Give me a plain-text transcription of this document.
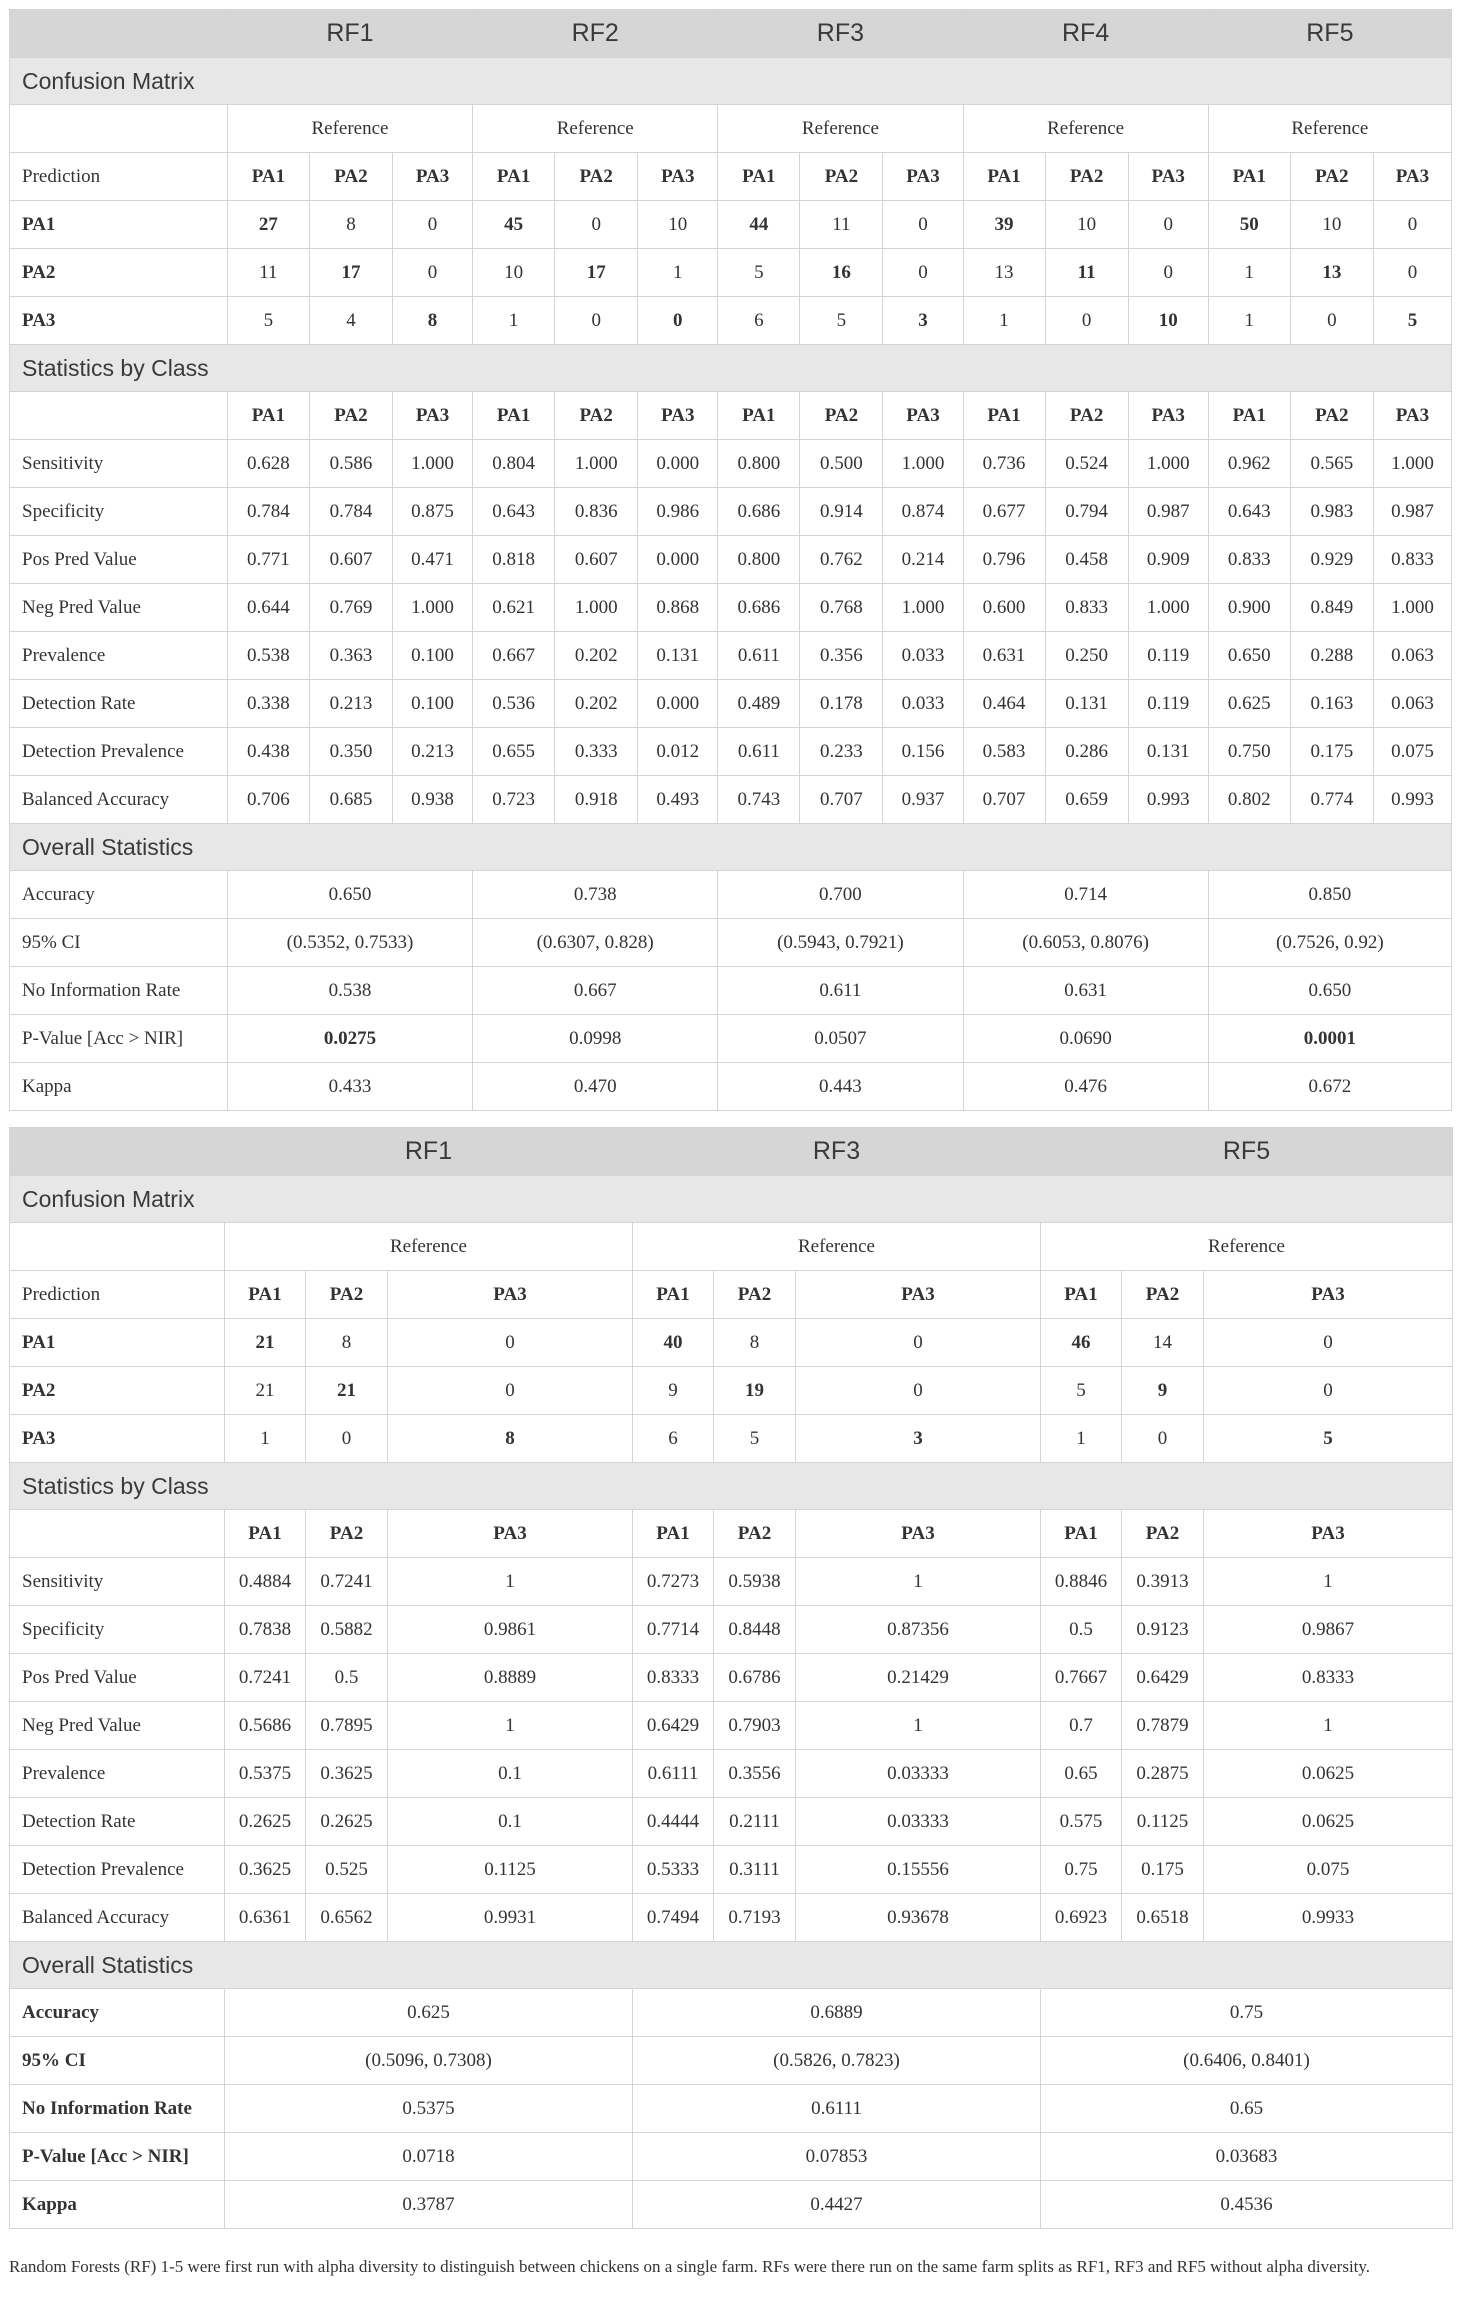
	RF1			RF2			RF3			RF4			RF5		
Confusion Matrix															
	Reference			Reference			Reference			Reference			Reference		
Prediction	PA1	PA2	PA3	PA1	PA2	PA3	PA1	PA2	PA3	PA1	PA2	PA3	PA1	PA2	PA3
PA1	27	8	0	45	0	10	44	11	0	39	10	0	50	10	0
PA2	11	17	0	10	17	1	5	16	0	13	11	0	1	13	0
PA3	5	4	8	1	0	0	6	5	3	1	0	10	1	0	5
Statistics by Class															
	PA1	PA2	PA3	PA1	PA2	PA3	PA1	PA2	PA3	PA1	PA2	PA3	PA1	PA2	PA3
Sensitivity	0.628	0.586	1.000	0.804	1.000	0.000	0.800	0.500	1.000	0.736	0.524	1.000	0.962	0.565	1.000
Specificity	0.784	0.784	0.875	0.643	0.836	0.986	0.686	0.914	0.874	0.677	0.794	0.987	0.643	0.983	0.987
Pos Pred Value	0.771	0.607	0.471	0.818	0.607	0.000	0.800	0.762	0.214	0.796	0.458	0.909	0.833	0.929	0.833
Neg Pred Value	0.644	0.769	1.000	0.621	1.000	0.868	0.686	0.768	1.000	0.600	0.833	1.000	0.900	0.849	1.000
Prevalence	0.538	0.363	0.100	0.667	0.202	0.131	0.611	0.356	0.033	0.631	0.250	0.119	0.650	0.288	0.063
Detection Rate	0.338	0.213	0.100	0.536	0.202	0.000	0.489	0.178	0.033	0.464	0.131	0.119	0.625	0.163	0.063
Detection Prevalence	0.438	0.350	0.213	0.655	0.333	0.012	0.611	0.233	0.156	0.583	0.286	0.131	0.750	0.175	0.075
Balanced Accuracy	0.706	0.685	0.938	0.723	0.918	0.493	0.743	0.707	0.937	0.707	0.659	0.993	0.802	0.774	0.993
Overall Statistics															
Accuracy	0.650			0.738			0.700			0.714			0.850		
95% CI	(0.5352, 0.7533)			(0.6307, 0.828)			(0.5943, 0.7921)			(0.6053, 0.8076)			(0.7526, 0.92)		
No Information Rate	0.538			0.667			0.611			0.631			0.650		
P-Value [Acc > NIR]	0.0275			0.0998			0.0507			0.0690			0.0001		
Kappa	0.433			0.470			0.443			0.476			0.672		
	RF1			RF3			RF5		
Confusion Matrix									
	Reference			Reference			Reference		
Prediction	PA1	PA2	PA3	PA1	PA2	PA3	PA1	PA2	PA3
PA1	21	8	0	40	8	0	46	14	0
PA2	21	21	0	9	19	0	5	9	0
PA3	1	0	8	6	5	3	1	0	5
Statistics by Class									
	PA1	PA2	PA3	PA1	PA2	PA3	PA1	PA2	PA3
Sensitivity	0.4884	0.7241	1	0.7273	0.5938	1	0.8846	0.3913	1
Specificity	0.7838	0.5882	0.9861	0.7714	0.8448	0.87356	0.5	0.9123	0.9867
Pos Pred Value	0.7241	0.5	0.8889	0.8333	0.6786	0.21429	0.7667	0.6429	0.8333
Neg Pred Value	0.5686	0.7895	1	0.6429	0.7903	1	0.7	0.7879	1
Prevalence	0.5375	0.3625	0.1	0.6111	0.3556	0.03333	0.65	0.2875	0.0625
Detection Rate	0.2625	0.2625	0.1	0.4444	0.2111	0.03333	0.575	0.1125	0.0625
Detection Prevalence	0.3625	0.525	0.1125	0.5333	0.3111	0.15556	0.75	0.175	0.075
Balanced Accuracy	0.6361	0.6562	0.9931	0.7494	0.7193	0.93678	0.6923	0.6518	0.9933
Overall Statistics									
Accuracy	0.625			0.6889			0.75		
95% CI	(0.5096, 0.7308)			(0.5826, 0.7823)			(0.6406, 0.8401)		
No Information Rate	0.5375			0.6111			0.65		
P-Value [Acc > NIR]	0.0718			0.07853			0.03683		
Kappa	0.3787			0.4427			0.4536		
Random Forests (RF) 1-5 were first run with alpha diversity to distinguish between chickens on a single farm. RFs were there run on the same farm splits as RF1, RF3 and RF5 without alpha diversity.
